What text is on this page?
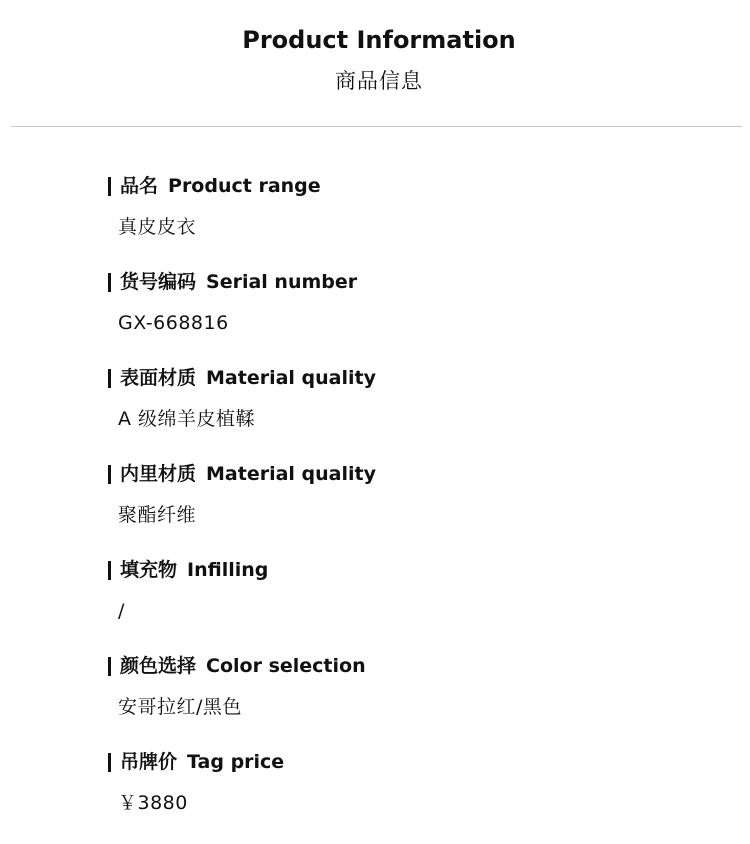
Product Information
商品信息
品名 Product range
真皮皮衣
货号编码 Serial number
GX-668816
表面材质 Material quality
A 级绵羊皮植鞣
内里材质 Material quality
聚酯纤维
填充物 Infilling
/
颜色选择 Color selection
安哥拉红/黑色
吊牌价 Tag price
￥3880
